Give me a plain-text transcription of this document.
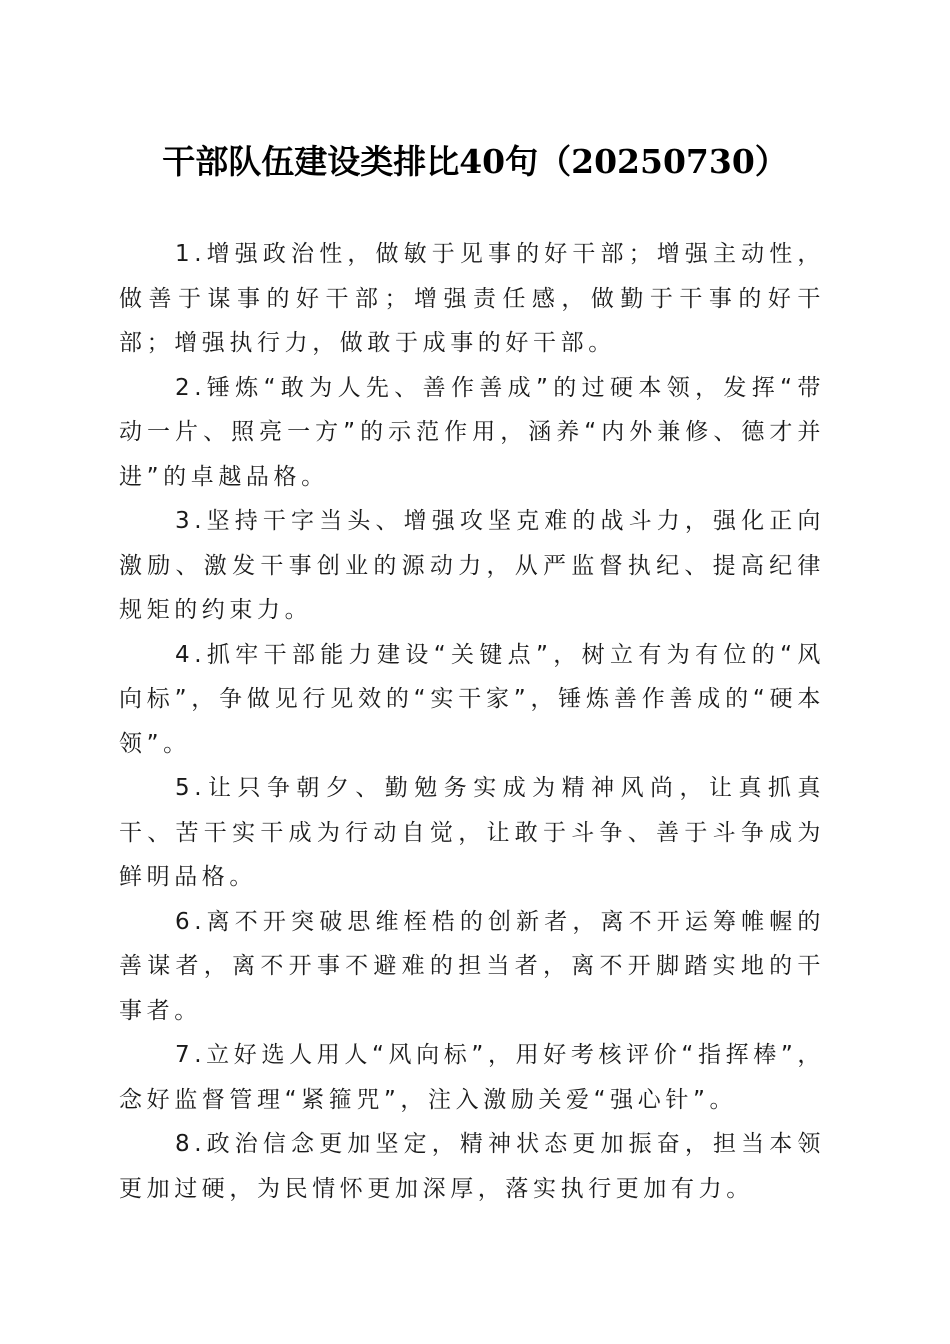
干部队伍建设类排比40句（20250730）

1.增强政治性，做敏于见事的好干部；增强主动性，做善于谋事的好干部；增强责任感，做勤于干事的好干部；增强执行力，做敢于成事的好干部。

2.锤炼“敢为人先、善作善成”的过硬本领，发挥“带动一片、照亮一方”的示范作用，涵养“内外兼修、德才并进”的卓越品格。

3.坚持干字当头、增强攻坚克难的战斗力，强化正向激励、激发干事创业的源动力，从严监督执纪、提高纪律规矩的约束力。

4.抓牢干部能力建设“关键点”，树立有为有位的“风向标”，争做见行见效的“实干家”，锤炼善作善成的“硬本领”。

5.让只争朝夕、勤勉务实成为精神风尚，让真抓真干、苦干实干成为行动自觉，让敢于斗争、善于斗争成为鲜明品格。

6.离不开突破思维桎梏的创新者，离不开运筹帷幄的善谋者，离不开事不避难的担当者，离不开脚踏实地的干事者。

7.立好选人用人“风向标”，用好考核评价“指挥棒”，念好监督管理“紧箍咒”，注入激励关爱“强心针”。

8.政治信念更加坚定，精神状态更加振奋，担当本领更加过硬，为民情怀更加深厚，落实执行更加有力。
